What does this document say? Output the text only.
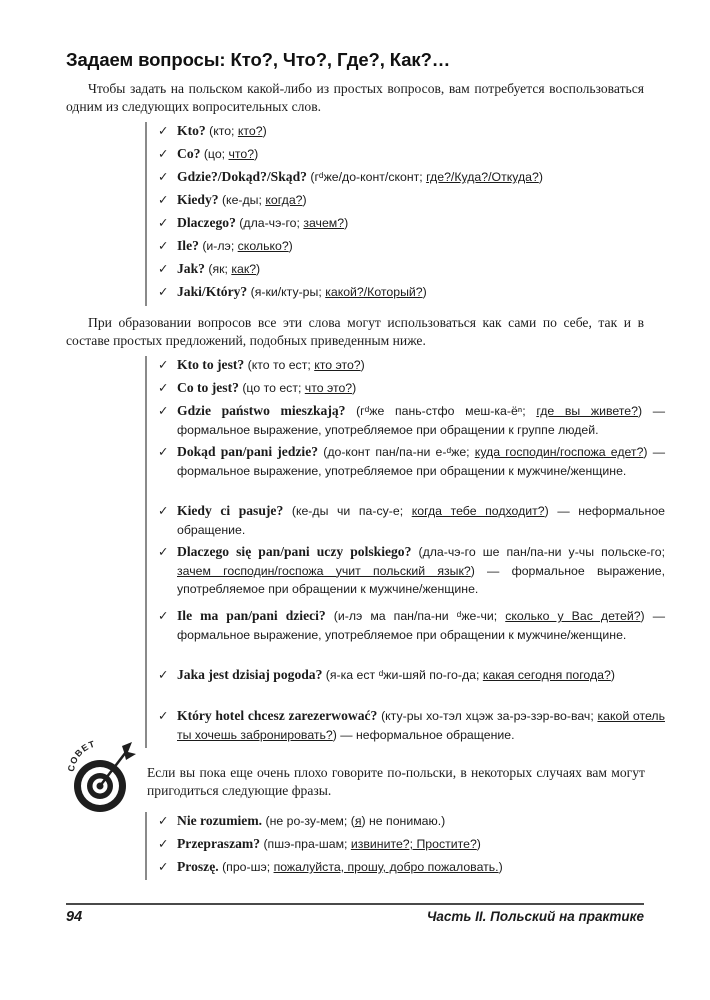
Задаем вопросы: Кто?, Что?, Где?, Как?…
Чтобы задать на польском какой-либо из простых вопросов, вам потребуется воспользоваться одним из следующих вопросительных слов.
✓ Kto? (кто; кто?)
✓ Co? (цо; что?)
✓ Gdzie?/Dokąd?/Skąd? (гᵈже/до-конт/сконт; где?/Куда?/Откуда?)
✓ Kiedy? (ке-ды; когда?)
✓ Dlaczego? (дла-чэ-го; зачем?)
✓ Ile? (и-лэ; сколько?)
✓ Jak? (як; как?)
✓ Jaki/Który? (я-ки/кту-ры; какой?/Который?)
При образовании вопросов все эти слова могут использоваться как сами по себе, так и в составе простых предложений, подобных приведенным ниже.
✓ Kto to jest? (кто то ест; кто это?)
✓ Co to jest? (цо то ест; что это?)
✓ Gdzie państwo mieszkają? (гᵈже пань-стфо меш-ка-ёⁿ; где вы живете?) — формальное выражение, употребляемое при обращении к группе людей.
✓ Dokąd pan/pani jedzie? (до-конт пан/па-ни е-ᵈже; куда господин/госпожа едет?) — формальное выражение, употребляемое при обращении к мужчине/женщине.
✓ Kiedy ci pasuje? (ке-ды чи па-су-е; когда тебе подходит?) — неформальное обращение.
✓ Dlaczego się pan/pani uczy polskiego? (дла-чэ-го ше пан/па-ни у-чы польске-го; зачем господин/госпожа учит польский язык?) — формальное выражение, употребляемое при обращении к мужчине/женщине.
✓ Ile ma pan/pani dzieci? (и-лэ ма пан/па-ни ᵈже-чи; сколько у Вас детей?) — формальное выражение, употребляемое при обращении к мужчине/женщине.
✓ Jaka jest dzisiaj pogoda? (я-ка ест ᵈжи-шяй по-го-да; какая сегодня погода?)
✓ Który hotel chcesz zarezerwować? (кту-ры хо-тэл хцэж за-рэ-зэр-во-вач; какой отель ты хочешь забронировать?) — неформальное обращение.
СОВЕТ
Если вы пока еще очень плохо говорите по-польски, в некоторых случаях вам могут пригодиться следующие фразы.
✓ Nie rozumiem. (не ро-зу-мем; (я) не понимаю.)
✓ Przepraszam? (пшэ-пра-шам; извините?; Простите?)
✓ Proszę. (про-шэ; пожалуйста, прошу, добро пожаловать.)
94	Часть II. Польский на практике
